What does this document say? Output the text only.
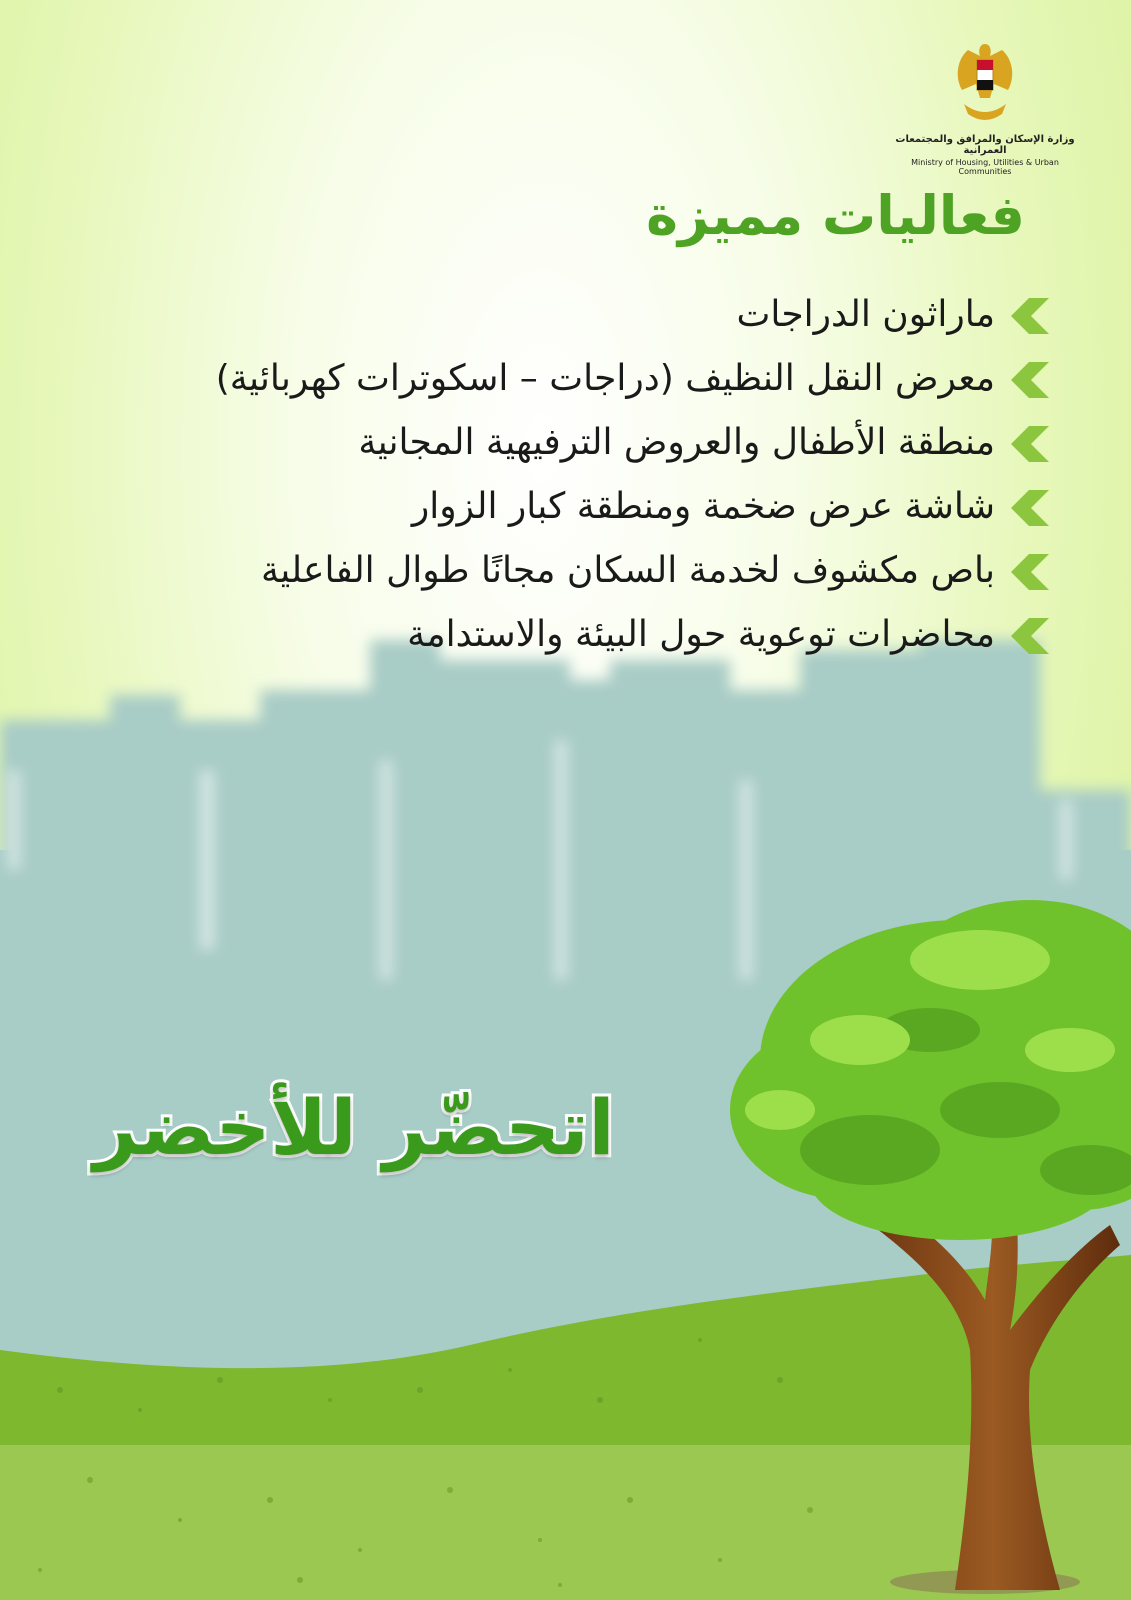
وزارة الإسكان والمرافق والمجتمعات العمرانية
Ministry of Housing, Utilities & Urban Communities
فعاليات مميزة
ماراثون الدراجات
معرض النقل النظيف (دراجات – اسكوترات كهربائية)
منطقة الأطفال والعروض الترفيهية المجانية
شاشة عرض ضخمة ومنطقة كبار الزوار
باص مكشوف لخدمة السكان مجانًا طوال الفاعلية
محاضرات توعوية حول البيئة والاستدامة
اتحضّر للأخضر
